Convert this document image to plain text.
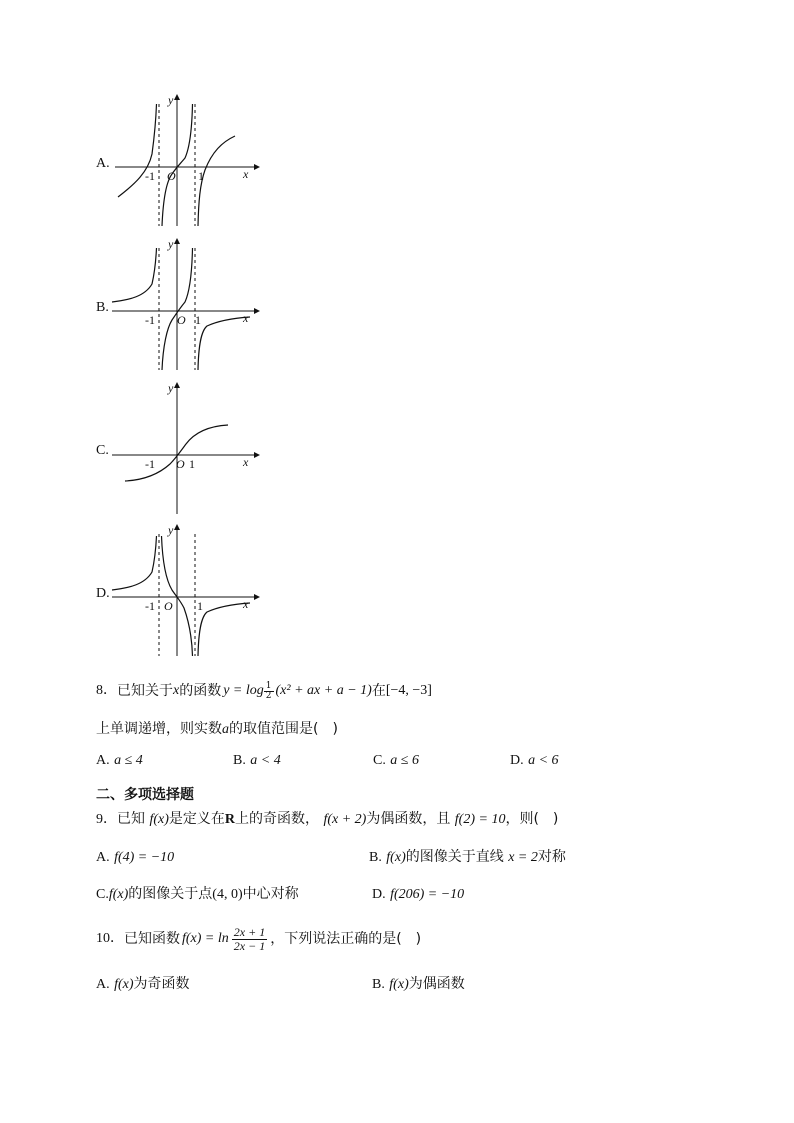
A.
-1 O 1	x
y
B.
-1 O 1	x
y
C.
-1 O 1	x
y
D.
-1 O 1	x
y
8． 已知关于 x 的函数 $y = \log \frac{1}{2} (x^2$ + ax + a − 1) 在 [−4, −3]
上单调递增，则实数a的取值范围是(　)
A. a ≤ 4	B. a < 4	C. a ≤ 6	D. a < 6
二、多项选择题
9．已知 f(x)是定义在R上的奇函数， f(x + 2)为偶函数，且 f(2) = 10，则(　)
A. f(4) = −10	B. f(x)的图像关于直线 x = 2对称
C.f(x)的图像关于点(4, 0)中心对称	D. f(206) = −10
10． 已知函数 $f(x) = \ln \frac{2x + 1}{2x - 1}$ ，下列说法正确的是(　)
A. f(x)为奇函数	B. f(x)为偶函数
